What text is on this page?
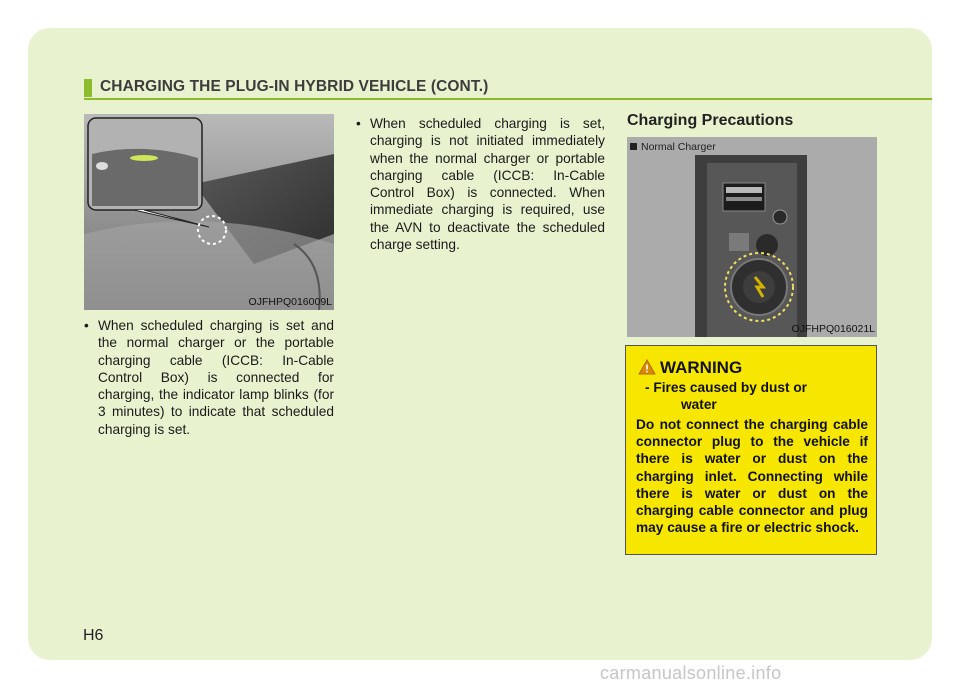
CHARGING THE PLUG-IN HYBRID VEHICLE (CONT.)
OJFHPQ016009L
• When scheduled charging is set and the normal charger or the portable charging cable (ICCB: In-Cable Control Box) is connected for charging, the indicator lamp blinks (for 3 minutes) to indicate that scheduled charging is set.
• When scheduled charging is set, charging is not initiated immediately when the normal charger or portable charging cable (ICCB: In-Cable Control Box) is connected. When immediate charging is required, use the AVN to deactivate the scheduled charge setting.
Charging Precautions
OJFHPQ016021L
Normal Charger
WARNING
- Fires caused by dust or
water
Do not connect the charging cable connector plug to the vehicle if there is water or dust on the charging inlet. Connecting while there is water or dust on the charging cable connector and plug may cause a fire or electric shock.
H6
carmanualsonline.info
